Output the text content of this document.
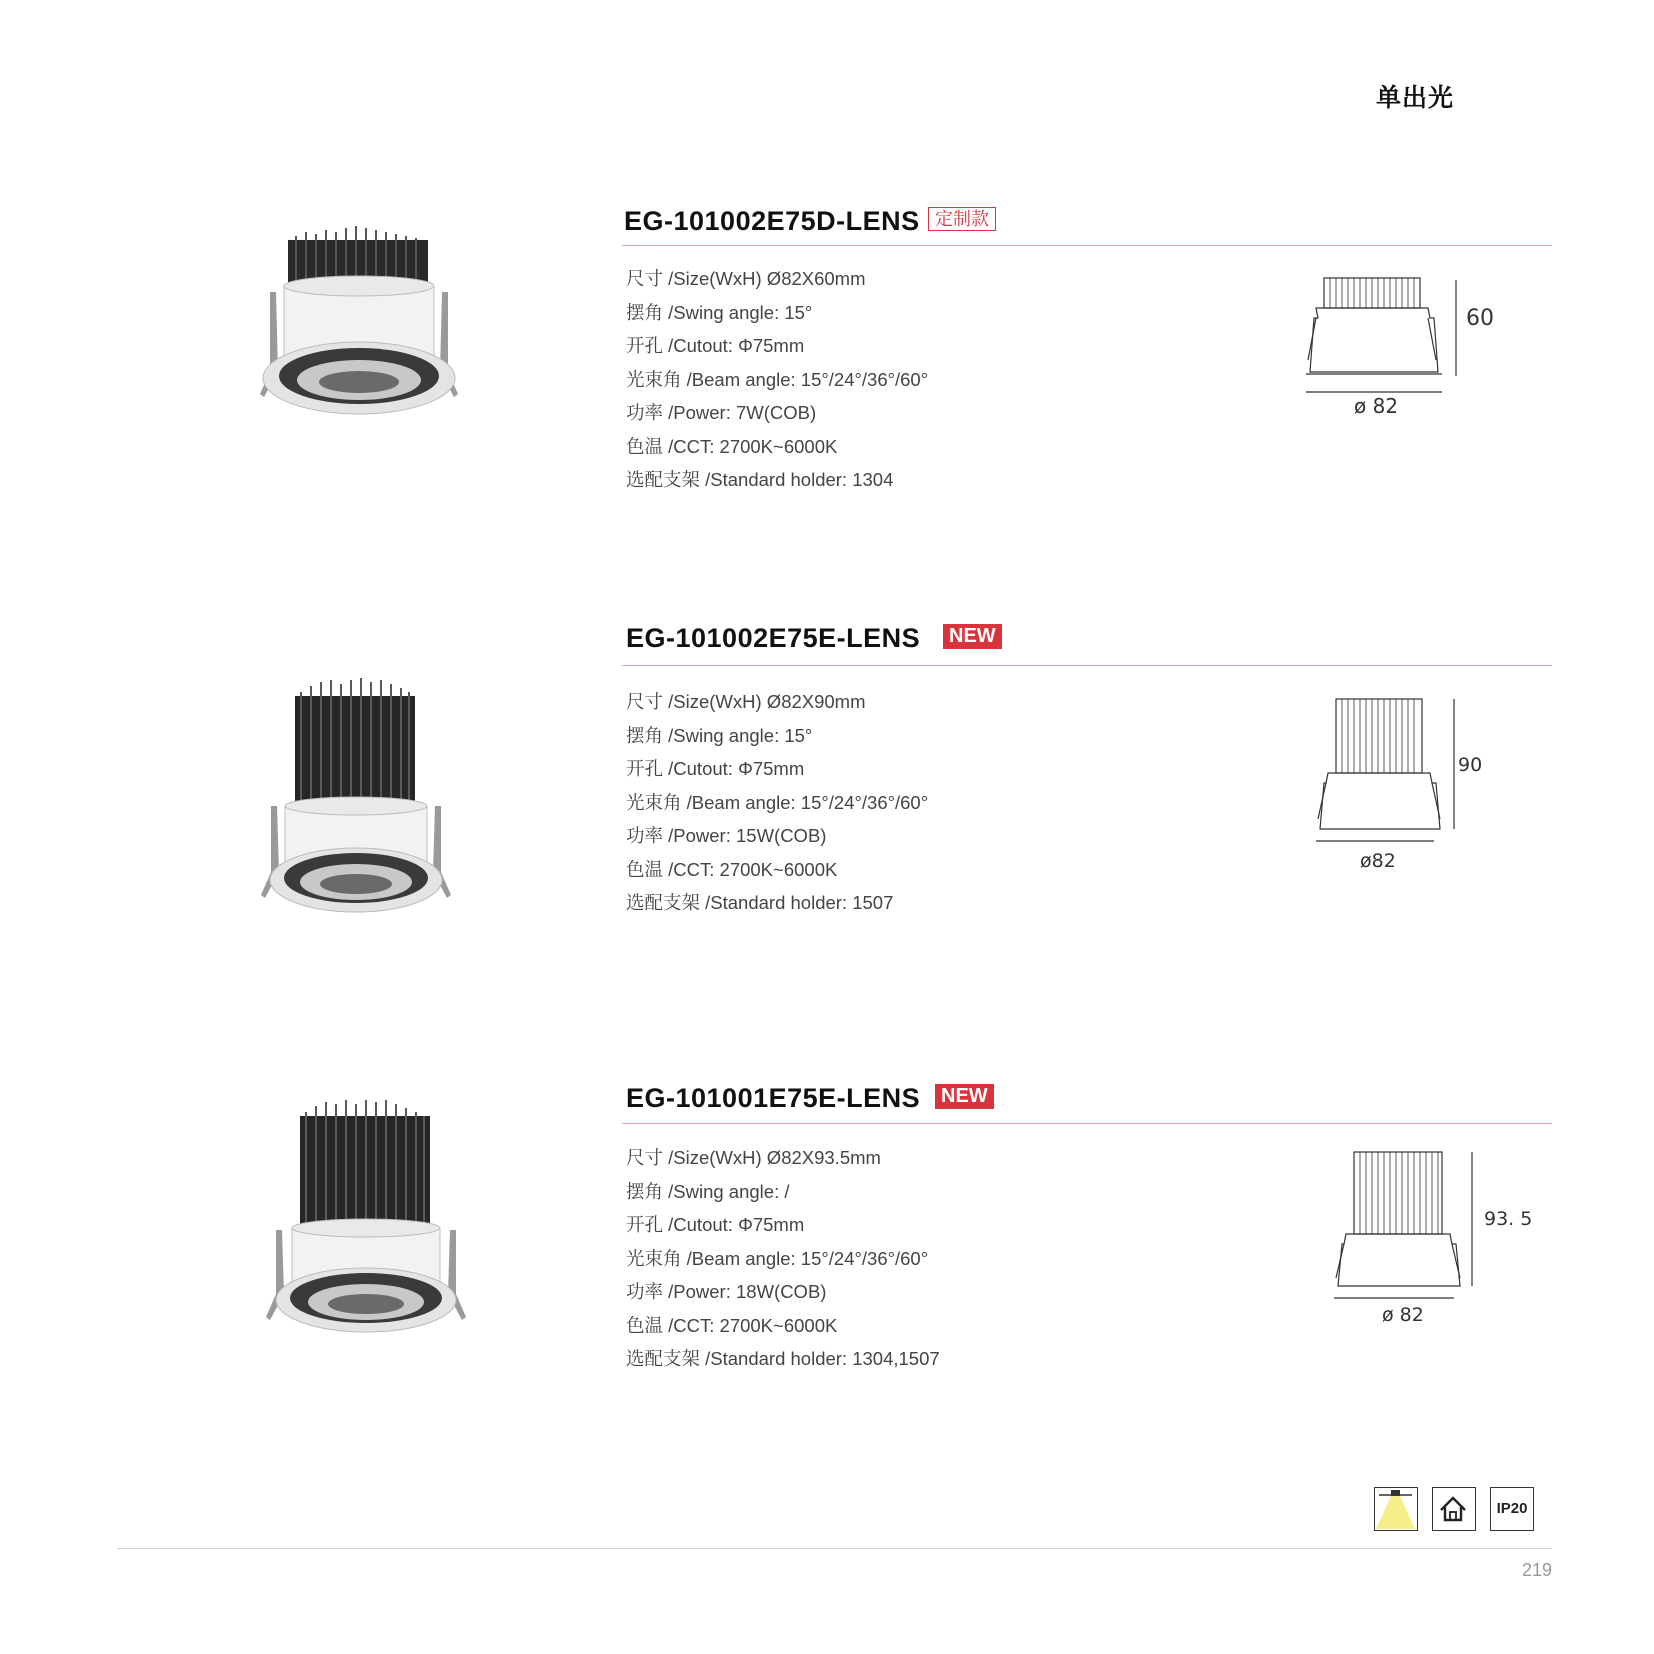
单出光
EG-101002E75D-LENS 定制款
尺寸 /Size(WxH) Ø82X60mm
摆角 /Swing angle: 15°
开孔 /Cutout: Φ75mm
光束角 /Beam angle: 15°/24°/36°/60°
功率 /Power: 7W(COB)
色温 /CCT: 2700K~6000K
选配支架 /Standard holder: 1304
60
ø 82
EG-101002E75E-LENS	NEW
尺寸 /Size(WxH) Ø82X90mm
摆角 /Swing angle: 15°
开孔 /Cutout: Φ75mm
光束角 /Beam angle: 15°/24°/36°/60°
功率 /Power: 15W(COB)
色温 /CCT: 2700K~6000K
选配支架 /Standard holder: 1507
90
ø82
EG-101001E75E-LENS	NEW
尺寸 /Size(WxH) Ø82X93.5mm
摆角 /Swing angle: /
开孔 /Cutout: Φ75mm
光束角 /Beam angle: 15°/24°/36°/60°
功率 /Power: 18W(COB)
色温 /CCT: 2700K~6000K
选配支架 /Standard holder: 1304,1507
93. 5
ø 82
IP20
219
